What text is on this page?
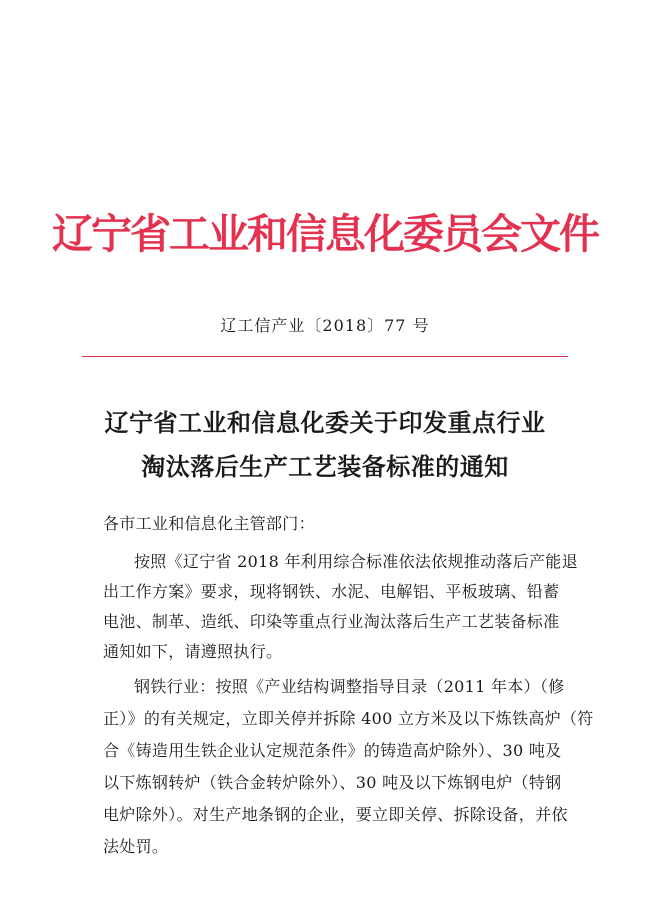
辽宁省工业和信息化委员会文件
辽工信产业〔2018〕77 号
辽宁省工业和信息化委关于印发重点行业
淘汰落后生产工艺装备标准的通知
各市工业和信息化主管部门：
按照《辽宁省 2018 年利用综合标准依法依规推动落后产能退
出工作方案》要求，现将钢铁、水泥、电解铝、平板玻璃、铅蓄
电池、制革、造纸、印染等重点行业淘汰落后生产工艺装备标准
通知如下，请遵照执行。
钢铁行业：按照《产业结构调整指导目录（2011 年本）（修
正）》的有关规定，立即关停并拆除 400 立方米及以下炼铁高炉（符
合《铸造用生铁企业认定规范条件》的铸造高炉除外）、30 吨及
以下炼钢转炉（铁合金转炉除外）、30 吨及以下炼钢电炉（特钢
电炉除外）。对生产地条钢的企业，要立即关停、拆除设备，并依
法处罚。
